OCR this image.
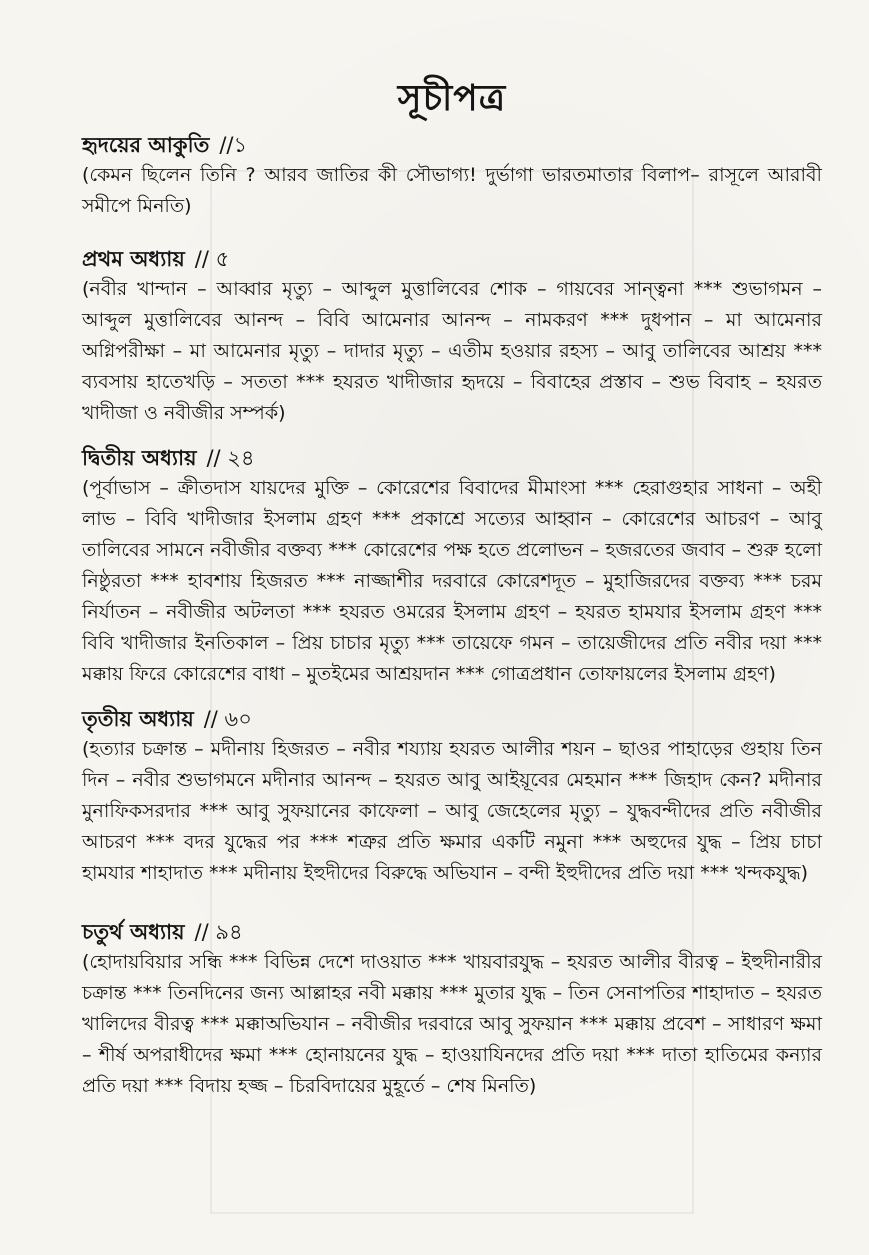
সূচীপত্র
হৃদয়ের আকুতি //১

(কেমন ছিলেন তিনি ? আরব জাতির কী সৌভাগ্য! দুর্ভাগা ভারতমাতার বিলাপ– রাসূলে আরাবী সমীপে মিনতি)

প্রথম অধ্যায় // ৫

(নবীর খান্দান – আব্বার মৃত্যু – আব্দুল মুত্তালিবের শোক – গায়বের সান্ত্বনা *** শুভাগমন – আব্দুল মুত্তালিবের আনন্দ – বিবি আমেনার আনন্দ – নামকরণ *** দুধপান – মা আমেনার অগ্নিপরীক্ষা – মা আমেনার মৃত্যু – দাদার মৃত্যু – এতীম হওয়ার রহস্য – আবু তালিবের আশ্রয় *** ব্যবসায় হাতেখড়ি – সততা *** হযরত খাদীজার হৃদয়ে – বিবাহের প্রস্তাব – শুভ বিবাহ – হযরত খাদীজা ও নবীজীর সম্পর্ক)

দ্বিতীয় অধ্যায় // ২৪

(পূর্বাভাস – ক্রীতদাস যায়দের মুক্তি – কোরেশের বিবাদের মীমাংসা *** হেরাগুহার সাধনা – অহী লাভ – বিবি খাদীজার ইসলাম গ্রহণ *** প্রকাশ্রে সত্যের আহ্বান – কোরেশের আচরণ – আবু তালিবের সামনে নবীজীর বক্তব্য *** কোরেশের পক্ষ হতে প্রলোভন – হজরতের জবাব – শুরু হলো নিষ্ঠুরতা *** হাবশায় হিজরত *** নাজ্জাশীর দরবারে কোরেশদূত – মুহাজিরদের বক্তব্য *** চরম নির্যাতন – নবীজীর অটলতা *** হযরত ওমরের ইসলাম গ্রহণ – হযরত হামযার ইসলাম গ্রহণ *** বিবি খাদীজার ইনতিকাল – প্রিয় চাচার মৃত্যু *** তায়েফে গমন – তায়েজীদের প্রতি নবীর দয়া *** মক্কায় ফিরে কোরেশের বাধা – মুতইমের আশ্রয়দান *** গোত্রপ্রধান তোফায়লের ইসলাম গ্রহণ)

তৃতীয় অধ্যায় // ৬০

(হত্যার চক্রান্ত – মদীনায় হিজরত – নবীর শয্যায় হযরত আলীর শয়ন – ছাওর পাহাড়ের গুহায় তিন দিন – নবীর শুভাগমনে মদীনার আনন্দ – হযরত আবু আইয়ূবের মেহমান *** জিহাদ কেন? মদীনার মুনাফিকসরদার *** আবু সুফয়ানের কাফেলা – আবু জেহেলের মৃত্যু – যুদ্ধবন্দীদের প্রতি নবীজীর আচরণ *** বদর যুদ্ধের পর *** শত্রুর প্রতি ক্ষমার একটি নমুনা *** অহুদের যুদ্ধ – প্রিয় চাচা হামযার শাহাদাত *** মদীনায় ইহুদীদের বিরুদ্ধে অভিযান – বন্দী ইহুদীদের প্রতি দয়া *** খন্দকযুদ্ধ)

চতুর্থ অধ্যায় // ৯৪

(হোদায়বিয়ার সন্ধি *** বিভিন্ন দেশে দাওয়াত *** খায়বারযুদ্ধ – হযরত আলীর বীরত্ব – ইহুদীনারীর চক্রান্ত *** তিনদিনের জন্য আল্লাহর নবী মক্কায় *** মুতার যুদ্ধ – তিন সেনাপতির শাহাদাত – হযরত খালিদের বীরত্ব *** মক্কাঅভিযান – নবীজীর দরবারে আবু সুফয়ান *** মক্কায় প্রবেশ – সাধারণ ক্ষমা – শীর্ষ অপরাধীদের ক্ষমা *** হোনায়নের যুদ্ধ – হাওয়াযিনদের প্রতি দয়া *** দাতা হাতিমের কন্যার প্রতি দয়া *** বিদায় হজ্জ – চিরবিদায়ের মুহূর্তে – শেষ মিনতি)
